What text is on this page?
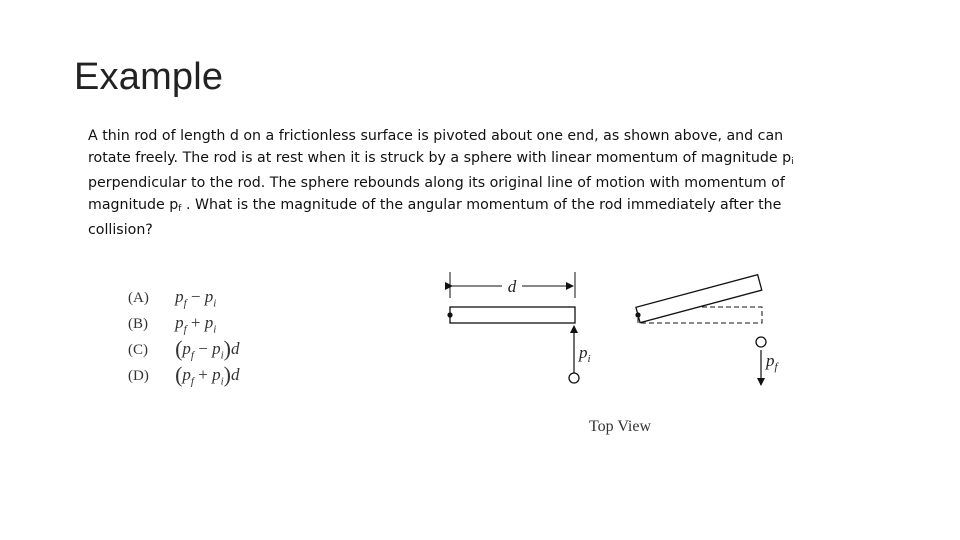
Example
A thin rod of length d on a frictionless surface is pivoted about one end, as shown above, and can rotate freely. The rod is at rest when it is struck by a sphere with linear momentum of magnitude $p_i$ perpendicular to the rod. The sphere rebounds along its original line of motion with momentum of magnitude $p_f$ . What is the magnitude of the angular momentum of the rod immediately after the collision?
(A) $p_f - p_i$
(B) $p_f + p_i$
(C) $(p_f - p_i)d$
(D) $(p_f + p_i)d$
d
$p_i$	$p_f$
Top View
